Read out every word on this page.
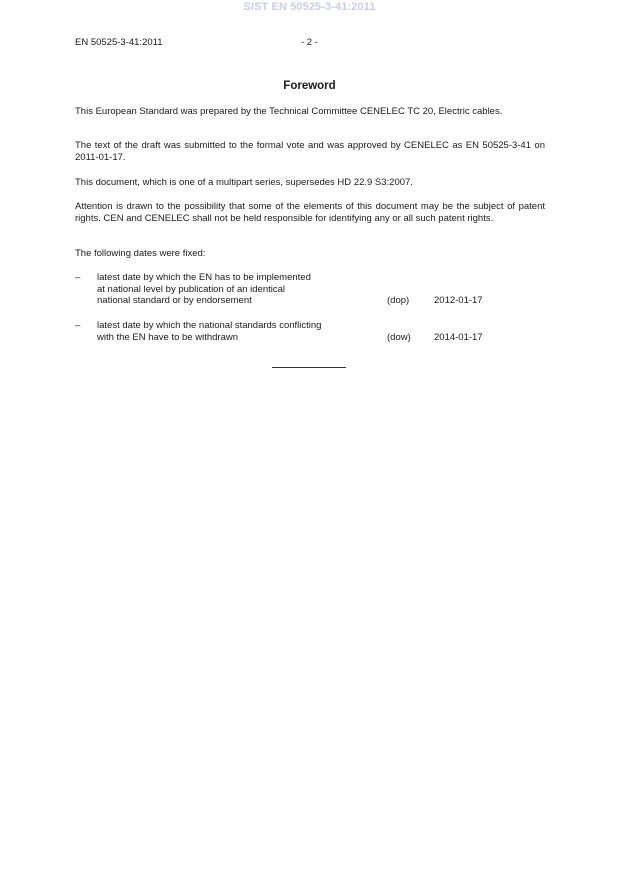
SIST EN 50525-3-41:2011
EN 50525-3-41:2011	- 2 -
Foreword
This European Standard was prepared by the Technical Committee CENELEC TC 20, Electric cables.
The text of the draft was submitted to the formal vote and was approved by CENELEC as EN 50525-3-41 on 2011-01-17.
This document, which is one of a multipart series, supersedes HD 22.9 S3:2007.
Attention is drawn to the possibility that some of the elements of this document may be the subject of patent rights. CEN and CENELEC shall not be held responsible for identifying any or all such patent rights.
The following dates were fixed:
– latest date by which the EN has to be implemented
at national level by publication of an identical
national standard or by endorsement	(dop)	2012-01-17
– latest date by which the national standards conflicting
with the EN have to be withdrawn	(dow) 2014-01-17
